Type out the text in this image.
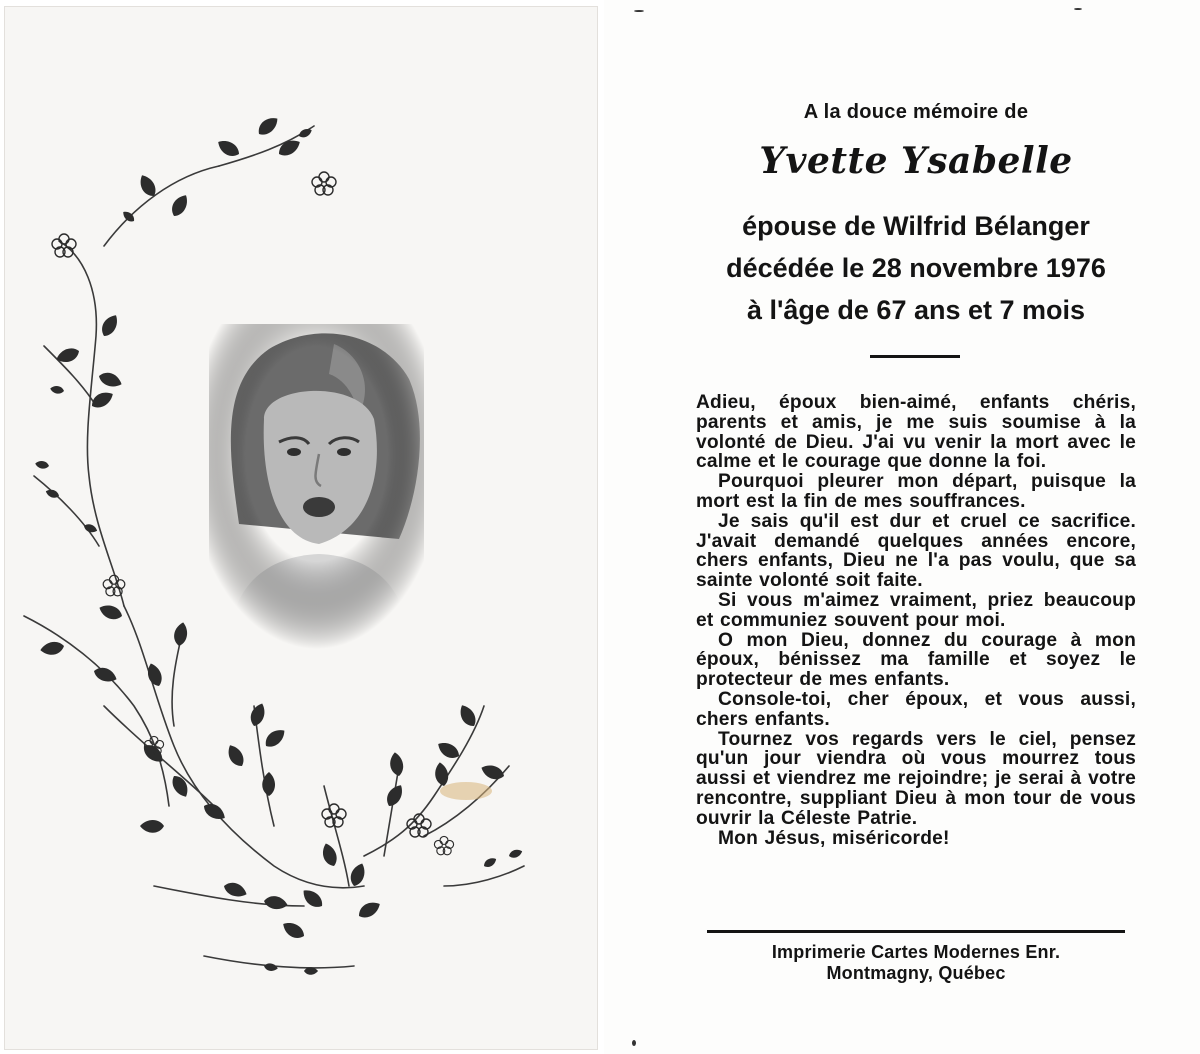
A la douce mémoire de
Yvette Ysabelle
épouse de Wilfrid Bélanger
décédée le 28 novembre 1976
à l'âge de 67 ans et 7 mois

Adieu, époux bien-aimé, enfants chéris, parents et amis, je me suis soumise à la volonté de Dieu. J'ai vu venir la mort avec le calme et le courage que donne la foi.

Pourquoi pleurer mon départ, puisque la mort est la fin de mes souffrances.

Je sais qu'il est dur et cruel ce sacrifice. J'avait demandé quelques années encore, chers enfants, Dieu ne l'a pas voulu, que sa sainte volonté soit faite.

Si vous m'aimez vraiment, priez beaucoup et communiez souvent pour moi.

O mon Dieu, donnez du courage à mon époux, bénissez ma famille et soyez le protecteur de mes enfants.

Console-toi, cher époux, et vous aussi, chers enfants.

Tournez vos regards vers le ciel, pensez qu'un jour viendra où vous mourrez tous aussi et viendrez me rejoindre; je serai à votre rencontre, suppliant Dieu à mon tour de vous ouvrir la Céleste Patrie.

Mon Jésus, miséricorde!

Imprimerie Cartes Modernes Enr.
Montmagny, Québec
